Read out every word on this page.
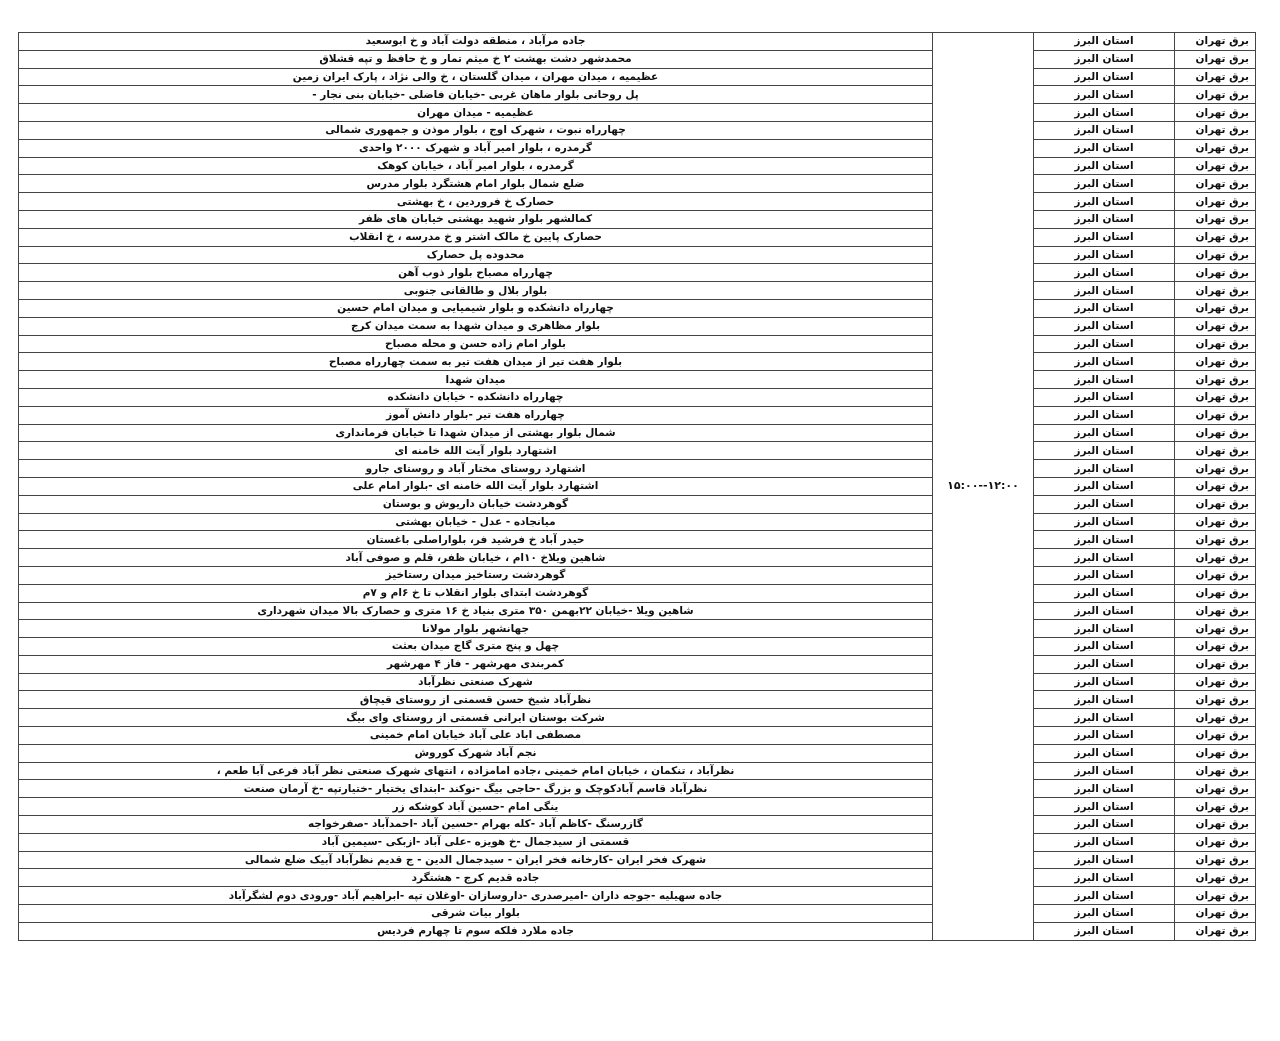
برق تهران	استان البرز	۱۲:۰۰--۱۵:۰۰	جاده مرآباد ، منطقه دولت آباد و خ ابوسعید
برق تهران	استان البرز		محمدشهر دشت بهشت ۲ خ میثم تمار و خ حافظ و تپه قشلاق
برق تهران	استان البرز		عظیمیه ، میدان مهران ، میدان گلستان ، خ والی نژاد ، پارک ایران زمین
برق تهران	استان البرز		پل روحانی بلوار ماهان غربی -خیابان فاضلی -خیابان بنی نجار -
برق تهران	استان البرز		عظیمیه - میدان مهران
برق تهران	استان البرز		چهارراه نبوت ، شهرک اوج ، بلوار موذن و جمهوری شمالی
برق تهران	استان البرز		گرمدره ، بلوار امیر آباد و شهرک ۲۰۰۰ واحدی
برق تهران	استان البرز		گرمدره ، بلوار امیر آباد ، خیابان کوهک
برق تهران	استان البرز		ضلع شمال بلوار امام هشتگرد بلوار مدرس
برق تهران	استان البرز		حصارک خ فروردین ، خ بهشتی
برق تهران	استان البرز		کمالشهر بلوار شهید بهشتی خیابان های ظفر
برق تهران	استان البرز		حصارک پایین خ مالک اشتر و خ مدرسه ، خ انقلاب
برق تهران	استان البرز		محدوده پل حصارک
برق تهران	استان البرز		چهارراه مصباح بلوار ذوب آهن
برق تهران	استان البرز		بلوار بلال و طالقانی جنوبی
برق تهران	استان البرز		چهارراه دانشکده و بلوار شیمیایی و میدان امام حسین
برق تهران	استان البرز		بلوار مظاهری و میدان شهدا به سمت میدان کرج
برق تهران	استان البرز		بلوار امام زاده حسن و محله مصباح
برق تهران	استان البرز		بلوار هفت تیر از میدان هفت تیر به سمت چهارراه مصباح
برق تهران	استان البرز		میدان شهدا
برق تهران	استان البرز		چهارراه دانشکده - خیابان دانشکده
برق تهران	استان البرز		چهارراه هفت تیر -بلوار دانش آموز
برق تهران	استان البرز		شمال بلوار بهشتی از میدان شهدا تا خیابان فرمانداری
برق تهران	استان البرز		اشتهارد بلوار آیت الله خامنه ای
برق تهران	استان البرز		اشتهارد روستای مختار آباد و روستای جارو
برق تهران	استان البرز		اشتهارد بلوار آیت الله خامنه ای -بلوار امام علی
برق تهران	استان البرز		گوهردشت خیابان داریوش و بوستان
برق تهران	استان البرز		میانجاده - عدل - خیابان بهشتی
برق تهران	استان البرز		حیدر آباد خ فرشید فر، بلواراصلی باغستان
برق تهران	استان البرز		شاهین ویلاخ ۱۰ام ، خیابان ظفر، قلم و صوفی آباد
برق تهران	استان البرز		گوهردشت رستاخیز میدان رستاخیز
برق تهران	استان البرز		گوهردشت ابتدای بلوار انقلاب تا خ ۶ام و ۷م
برق تهران	استان البرز		شاهین ویلا -خیابان ۲۲بهمن ۳۵۰ متری بنیاد خ ۱۶ متری و حصارک بالا میدان شهرداری
برق تهران	استان البرز		جهانشهر بلوار مولانا
برق تهران	استان البرز		چهل و پنج متری گاج میدان بعثت
برق تهران	استان البرز		کمربندی مهرشهر - فاز ۴ مهرشهر
برق تهران	استان البرز		شهرک صنعتی نظرآباد
برق تهران	استان البرز		نظرآباد شیخ حسن قسمتی از روستای قیچاق
برق تهران	استان البرز		شرکت بوستان ایرانی قسمتی از روستای وای بیگ
برق تهران	استان البرز		مصطفی اباد علی آباد خیابان امام خمینی
برق تهران	استان البرز		نجم آباد شهرک کوروش
برق تهران	استان البرز		نظرآباد ، تنکمان ، خیابان امام خمینی ،جاده امامزاده ، انتهای شهرک صنعتی نظر آباد فرعی آبا طعم ،
برق تهران	استان البرز		نظرآباد قاسم آبادکوچک و بزرگ -حاجی بیگ -نوکند -ابتدای یختیار -ختیارتپه -خ آرمان صنعت
برق تهران	استان البرز		ینگی امام -حسین آباد کوشکه زر
برق تهران	استان البرز		گازرسنگ -کاظم آباد -کله بهرام -حسین آباد -احمدآباد -صفرخواجه
برق تهران	استان البرز		قسمتی از سیدجمال -خ هویزه -علی آباد -ازبکی -سیمین آباد
برق تهران	استان البرز		شهرک فخر ایران -کارخانه فخر ایران - سیدجمال الدین - ج قدیم نظرآباد آبیک ضلع شمالی
برق تهران	استان البرز		جاده قدیم کرج - هشتگرد
برق تهران	استان البرز		جاده سهیلیه -جوجه داران -امیرصدری -داروسازان -اوغلان تپه -ابراهیم آباد -ورودی دوم لشگرآباد
برق تهران	استان البرز		بلوار بیات شرقی
برق تهران	استان البرز		جاده ملارد فلکه سوم تا چهارم فردیس
